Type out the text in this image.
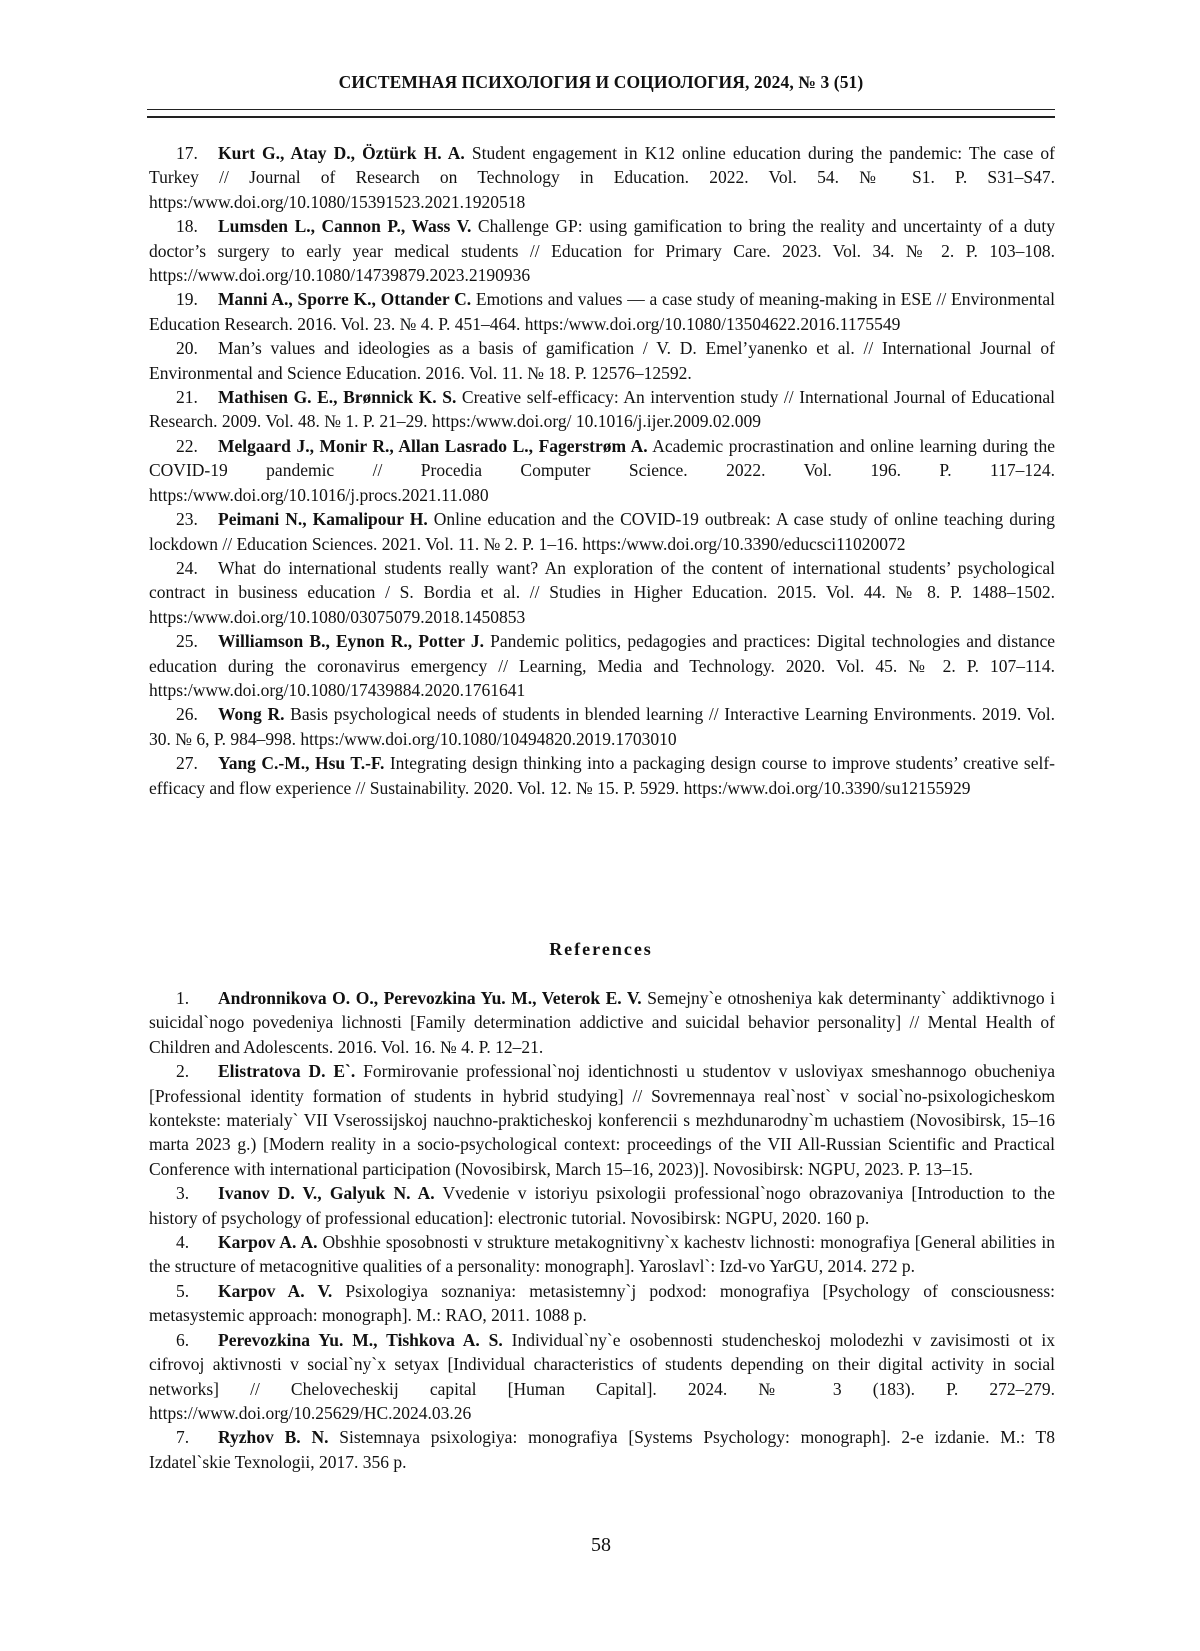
СИСТЕМНАЯ ПСИХОЛОГИЯ И СОЦИОЛОГИЯ, 2024, № 3 (51)

17. Kurt G., Atay D., Öztürk H. A. Student engagement in K12 online education during the pandemic: The case of Turkey // Journal of Research on Technology in Education. 2022. Vol. 54. № S1. P. S31–S47. https:/www.doi.org/10.1080/15391523.2021.1920518

18. Lumsden L., Cannon P., Wass V. Challenge GP: using gamification to bring the reality and uncertainty of a duty doctor’s surgery to early year medical students // Education for Primary Care. 2023. Vol. 34. № 2. P. 103–108. https://www.doi.org/10.1080/14739879.2023.2190936

19. Manni A., Sporre K., Ottander C. Emotions and values — a case study of meaning-making in ESE // Environmental Education Research. 2016. Vol. 23. № 4. P. 451–464. https:/www.doi.org/10.1080/13504622.2016.1175549

20. Man’s values and ideologies as a basis of gamification / V. D. Emel’yanenko et al. // International Journal of Environmental and Science Education. 2016. Vol. 11. № 18. P. 12576–12592.

21. Mathisen G. E., Brønnick K. S. Creative self-efficacy: An intervention study // International Journal of Educational Research. 2009. Vol. 48. № 1. P. 21–29. https:/www.doi.org/ 10.1016/j.ijer.2009.02.009

22. Melgaard J., Monir R., Allan Lasrado L., Fagerstrøm A. Academic procrastination and online learning during the COVID-19 pandemic // Procedia Computer Science. 2022. Vol. 196. P. 117–124. https:/www.doi.org/10.1016/j.procs.2021.11.080

23. Peimani N., Kamalipour H. Online education and the COVID-19 outbreak: A case study of online teaching during lockdown // Education Sciences. 2021. Vol. 11. № 2. P. 1–16. https:/www.doi.org/10.3390/educsci11020072

24. What do international students really want? An exploration of the content of international students’ psychological contract in business education / S. Bordia et al. // Studies in Higher Education. 2015. Vol. 44. № 8. P. 1488–1502. https:/www.doi.org/10.1080/03075079.2018.1450853

25. Williamson B., Eynon R., Potter J. Pandemic politics, pedagogies and practices: Digital technologies and distance education during the coronavirus emergency // Learning, Media and Technology. 2020. Vol. 45. № 2. P. 107–114. https:/www.doi.org/10.1080/17439884.2020.1761641

26. Wong R. Basis psychological needs of students in blended learning // Interactive Learning Environments. 2019. Vol. 30. № 6, P. 984–998. https:/www.doi.org/10.1080/10494820.2019.1703010

27. Yang C.-M., Hsu T.-F. Integrating design thinking into a packaging design course to improve students’ creative self-efficacy and flow experience // Sustainability. 2020. Vol. 12. № 15. P. 5929. https:/www.doi.org/10.3390/su12155929

References

1. Andronnikova O. O., Perevozkina Yu. M., Veterok E. V. Semejny`e otnosheniya kak determinanty` addiktivnogo i suicidal`nogo povedeniya lichnosti [Family determination addictive and suicidal behavior personality] // Mental Health of Children and Adolescents. 2016. Vol. 16. № 4. P. 12–21.

2. Elistratova D. E`. Formirovanie professional`noj identichnosti u studentov v usloviyax smeshannogo obucheniya [Professional identity formation of students in hybrid studying] // Sovremennaya real`nost` v social`no-psixologicheskom kontekste: materialy` VII Vserossijskoj nauchno-prakticheskoj konferencii s mezhdunarodny`m uchastiem (Novosibirsk, 15–16 marta 2023 g.) [Modern reality in a socio-psychological context: proceedings of the VII All-Russian Scientific and Practical Conference with international participation (Novosibirsk, March 15–16, 2023)]. Novosibirsk: NGPU, 2023. P. 13–15.

3. Ivanov D. V., Galyuk N. A. Vvedenie v istoriyu psixologii professional`nogo obrazovaniya [Introduction to the history of psychology of professional education]: electronic tutorial. Novosibirsk: NGPU, 2020. 160 p.

4. Karpov A. A. Obshhie sposobnosti v strukture metakognitivny`x kachestv lichnosti: monografiya [General abilities in the structure of metacognitive qualities of a personality: monograph]. Yaroslavl`: Izd-vo YarGU, 2014. 272 p.

5. Karpov A. V. Psixologiya soznaniya: metasistemny`j podxod: monografiya [Psychology of consciousness: metasystemic approach: monograph]. M.: RAO, 2011. 1088 p.

6. Perevozkina Yu. M., Tishkova A. S. Individual`ny`e osobennosti studencheskoj molodezhi v zavisimosti ot ix cifrovoj aktivnosti v social`ny`x setyax [Individual characteristics of students depending on their digital activity in social networks] // Chelovecheskij capital [Human Capital]. 2024. № 3 (183). P. 272–279. https://www.doi.org/10.25629/HC.2024.03.26

7. Ryzhov B. N. Sistemnaya psixologiya: monografiya [Systems Psychology: monograph]. 2-e izdanie. M.: T8 Izdatel`skie Texnologii, 2017. 356 p.

58
